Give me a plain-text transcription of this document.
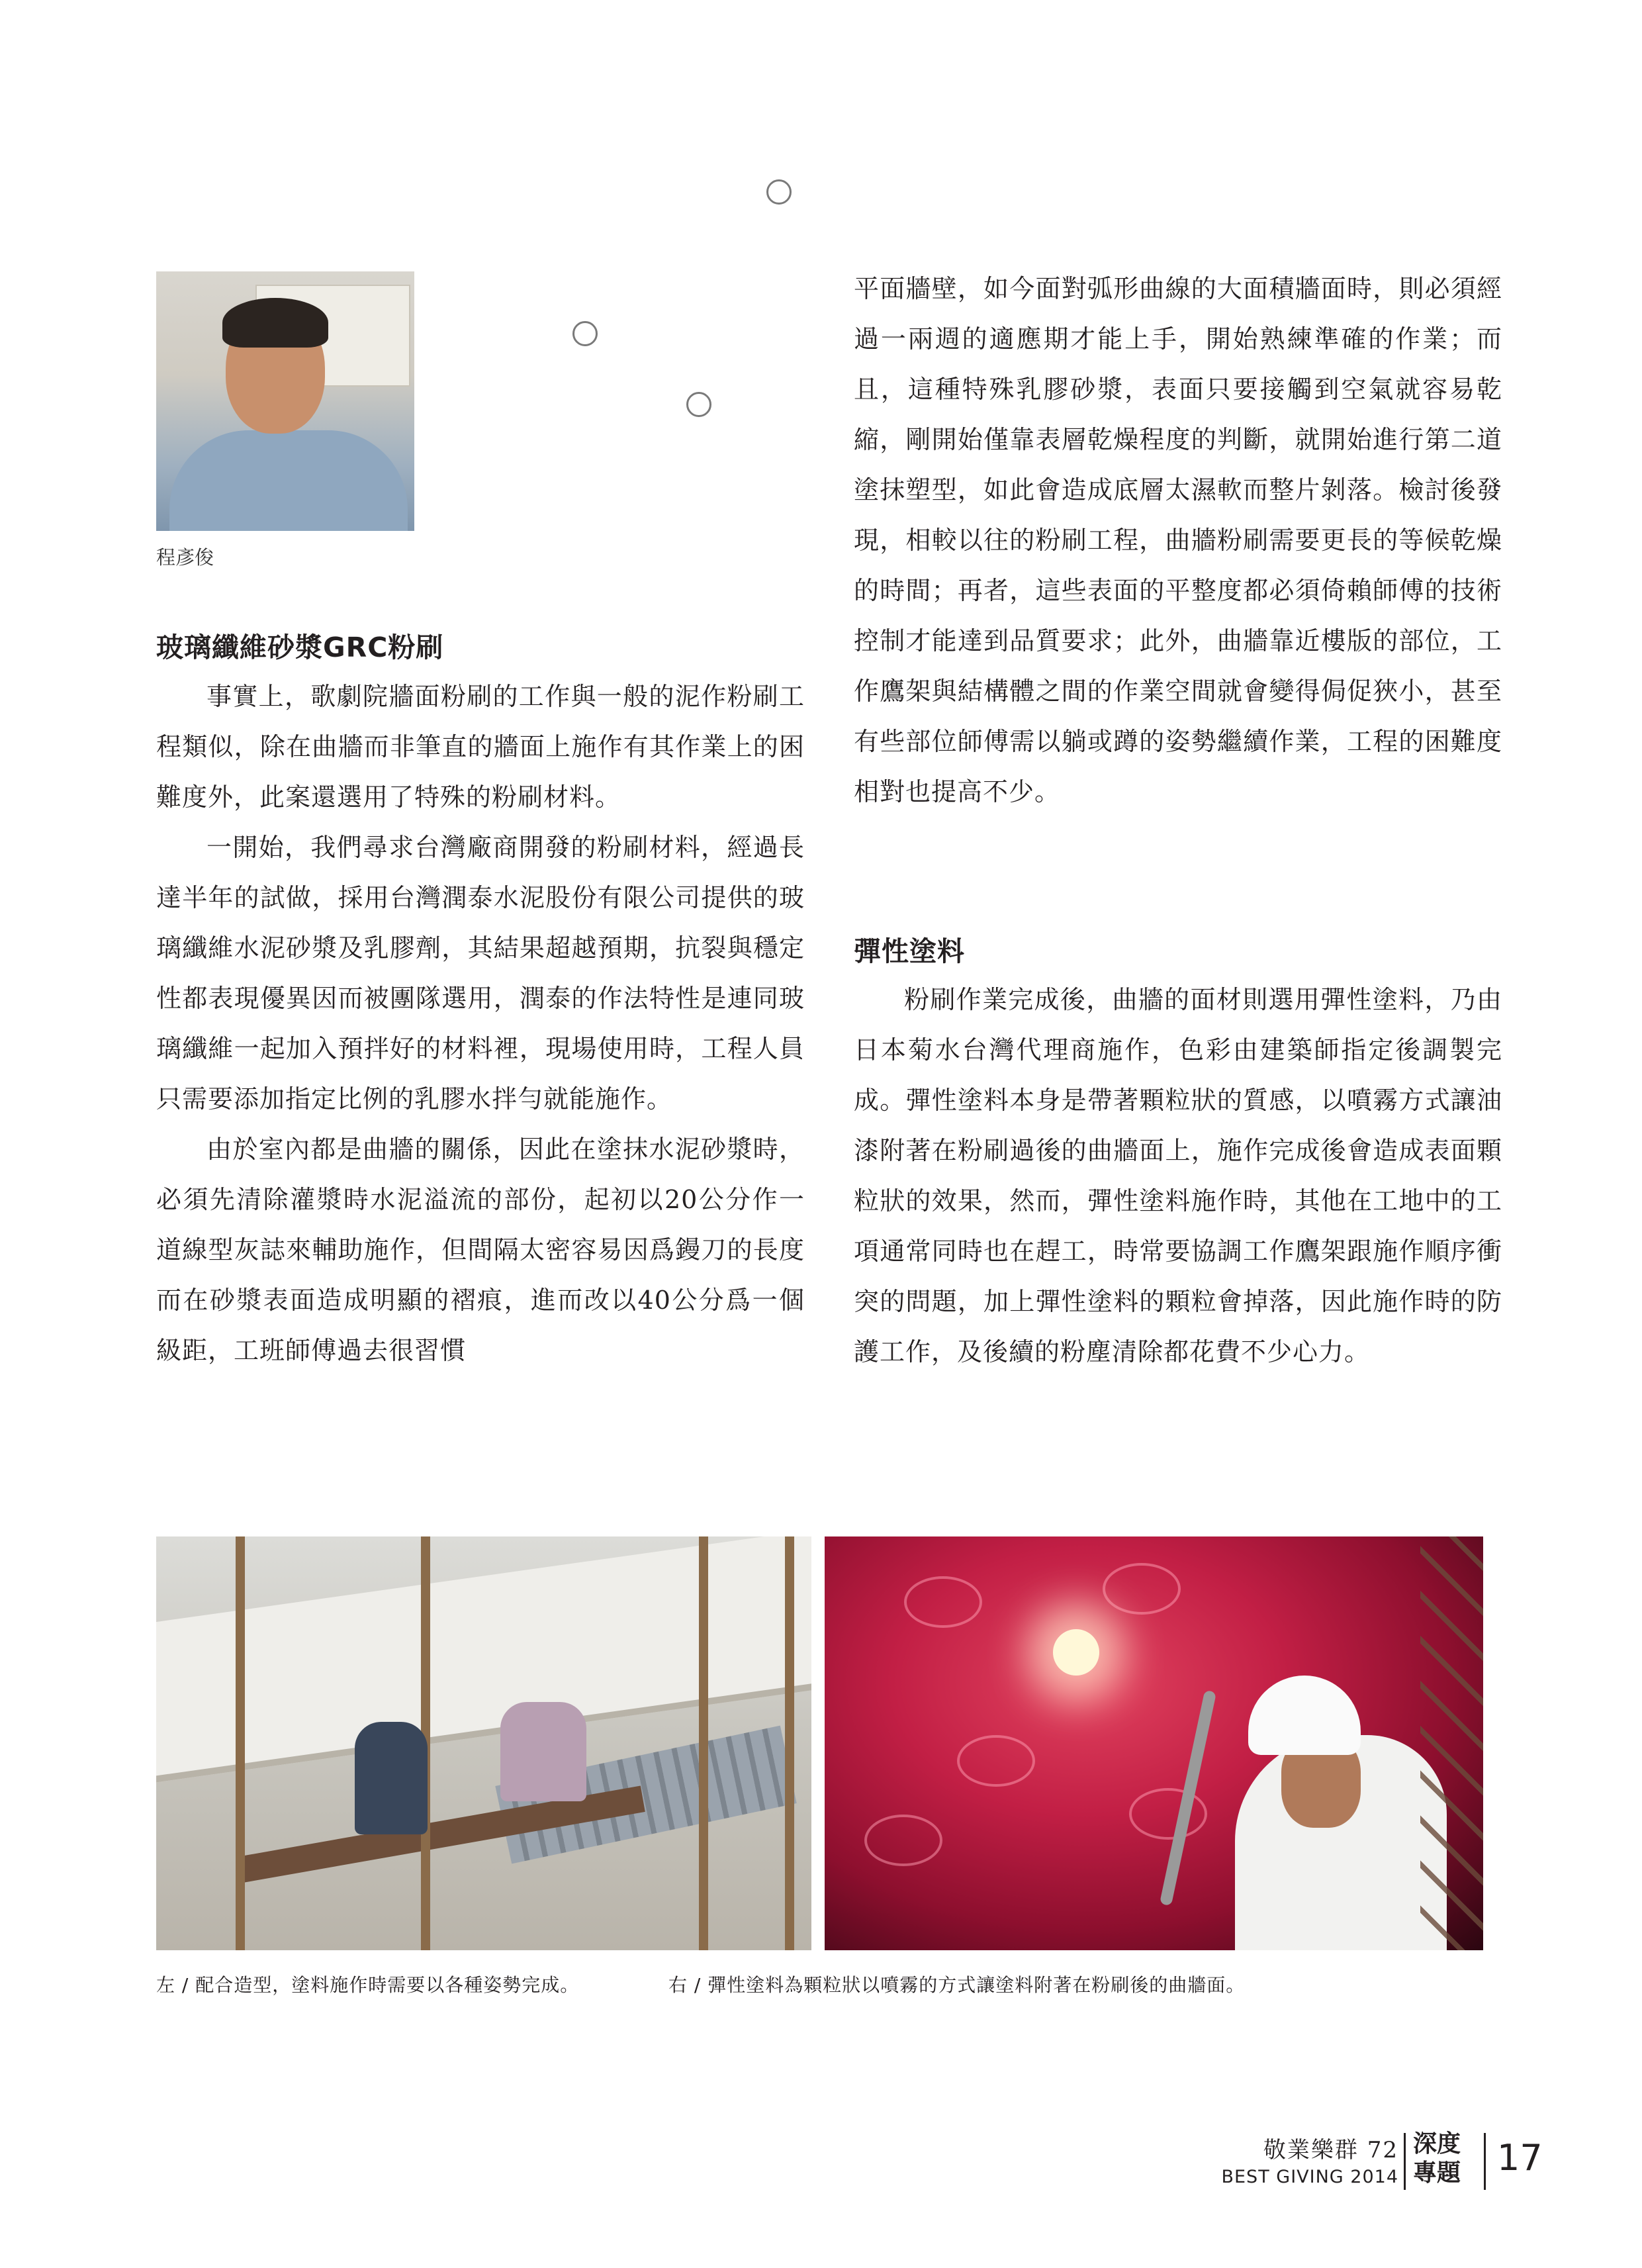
程彥俊
玻璃纖維砂漿GRC粉刷

事實上，歌劇院牆面粉刷的工作與一般的泥作粉刷工程類似，除在曲牆而非筆直的牆面上施作有其作業上的困難度外，此案還選用了特殊的粉刷材料。

一開始，我們尋求台灣廠商開發的粉刷材料，經過長達半年的試做，採用台灣潤泰水泥股份有限公司提供的玻璃纖維水泥砂漿及乳膠劑，其結果超越預期，抗裂與穩定性都表現優異因而被團隊選用，潤泰的作法特性是連同玻璃纖維一起加入預拌好的材料裡，現場使用時，工程人員只需要添加指定比例的乳膠水拌勻就能施作。

由於室內都是曲牆的關係，因此在塗抹水泥砂漿時，必須先清除灌漿時水泥溢流的部份，起初以20公分作一道線型灰誌來輔助施作，但間隔太密容易因爲鏝刀的長度而在砂漿表面造成明顯的褶痕，進而改以40公分爲一個級距，工班師傅過去很習慣

平面牆壁，如今面對弧形曲線的大面積牆面時，則必須經過一兩週的適應期才能上手，開始熟練準確的作業；而且，這種特殊乳膠砂漿，表面只要接觸到空氣就容易乾縮，剛開始僅靠表層乾燥程度的判斷，就開始進行第二道塗抹塑型，如此會造成底層太濕軟而整片剝落。檢討後發現，相較以往的粉刷工程，曲牆粉刷需要更長的等候乾燥的時間；再者，這些表面的平整度都必須倚賴師傅的技術控制才能達到品質要求；此外，曲牆靠近樓版的部位，工作鷹架與結構體之間的作業空間就會變得侷促狹小，甚至有些部位師傅需以躺或蹲的姿勢繼續作業，工程的困難度相對也提高不少。

彈性塗料

粉刷作業完成後，曲牆的面材則選用彈性塗料，乃由日本菊水台灣代理商施作，色彩由建築師指定後調製完成。彈性塗料本身是帶著顆粒狀的質感，以噴霧方式讓油漆附著在粉刷過後的曲牆面上，施作完成後會造成表面顆粒狀的效果，然而，彈性塗料施作時，其他在工地中的工項通常同時也在趕工，時常要協調工作鷹架跟施作順序衝突的問題，加上彈性塗料的顆粒會掉落，因此施作時的防護工作，及後續的粉塵清除都花費不少心力。

左 / 配合造型，塗料施作時需要以各種姿勢完成。	右 / 彈性塗料為顆粒狀以噴霧的方式讓塗料附著在粉刷後的曲牆面。
敬業樂群 72
BEST GIVING 2014
深度
專題 17
